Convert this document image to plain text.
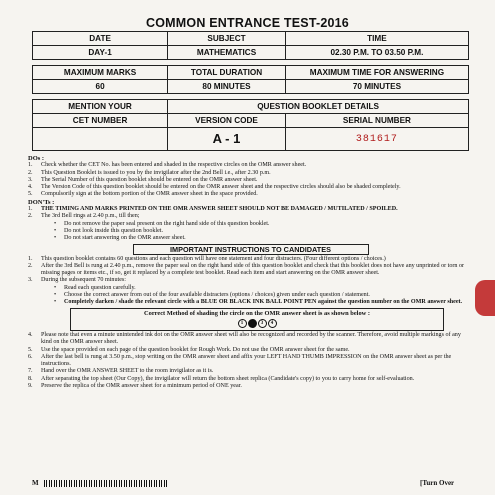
COMMON ENTRANCE TEST-2016
DATE	SUBJECT	TIME
DAY-1	MATHEMATICS	02.30 P.M. TO 03.50 P.M.

MAXIMUM MARKS	TOTAL DURATION	MAXIMUM TIME FOR ANSWERING
60	80 MINUTES	70 MINUTES

MENTION YOUR	QUESTION BOOKLET DETAILS	
CET NUMBER	VERSION CODE	SERIAL NUMBER
	A - 1	381617
DOs :
1.	Check whether the CET No. has been entered and shaded in the respective circles on the OMR answer sheet.
2.	This Question Booklet is issued to you by the invigilator after the 2nd Bell i.e., after 2.30 p.m.
3.	The Serial Number of this question booklet should be entered on the OMR answer sheet.
4.	The Version Code of this question booklet should be entered on the OMR answer sheet and the respective circles should also be shaded completely.
5.	Compulsorily sign at the bottom portion of the OMR answer sheet in the space provided.
DON'Ts :
1.	THE TIMING AND MARKS PRINTED ON THE OMR ANSWER SHEET SHOULD NOT BE DAMAGED / MUTILATED / SPOILED.
2.	The 3rd Bell rings at 2.40 p.m., till then;
•	Do not remove the paper seal present on the right hand side of this question booklet.
•	Do not look inside this question booklet.
•	Do not start answering on the OMR answer sheet.
IMPORTANT INSTRUCTIONS TO CANDIDATES
1.	This question booklet contains 60 questions and each question will have one statement and four distracters. (Four different options / choices.)
2.	After the 3rd Bell is rung at 2.40 p.m., remove the paper seal on the right hand side of this question booklet and check that this booklet does not have any unprinted or torn or missing pages or items etc., if so, get it replaced by a complete test booklet. Read each item and start answering on the OMR answer sheet.
3.	During the subsequent 70 minutes:
•	Read each question carefully.
•	Choose the correct answer from out of the four available distracters (options / choices) given under each question / statement.
•	Completely darken / shade the relevant circle with a BLUE OR BLACK INK BALL POINT PEN against the question number on the OMR answer sheet.
Correct Method of shading the circle on the OMR answer sheet is as shown below :
1	3	4
4.	Please note that even a minute unintended ink dot on the OMR answer sheet will also be recognized and recorded by the scanner. Therefore, avoid multiple markings of any kind on the OMR answer sheet.
5.	Use the space provided on each page of the question booklet for Rough Work. Do not use the OMR answer sheet for the same.
6.	After the last bell is rung at 3.50 p.m., stop writing on the OMR answer sheet and affix your LEFT HAND THUMB IMPRESSION on the OMR answer sheet as per the instructions.
7.	Hand over the OMR ANSWER SHEET to the room invigilator as it is.
8.	After separating the top sheet (Our Copy), the invigilator will return the bottom sheet replica (Candidate's copy) to you to carry home for self-evaluation.
9.	Preserve the replica of the OMR answer sheet for a minimum period of ONE year.
M	[Turn Over
